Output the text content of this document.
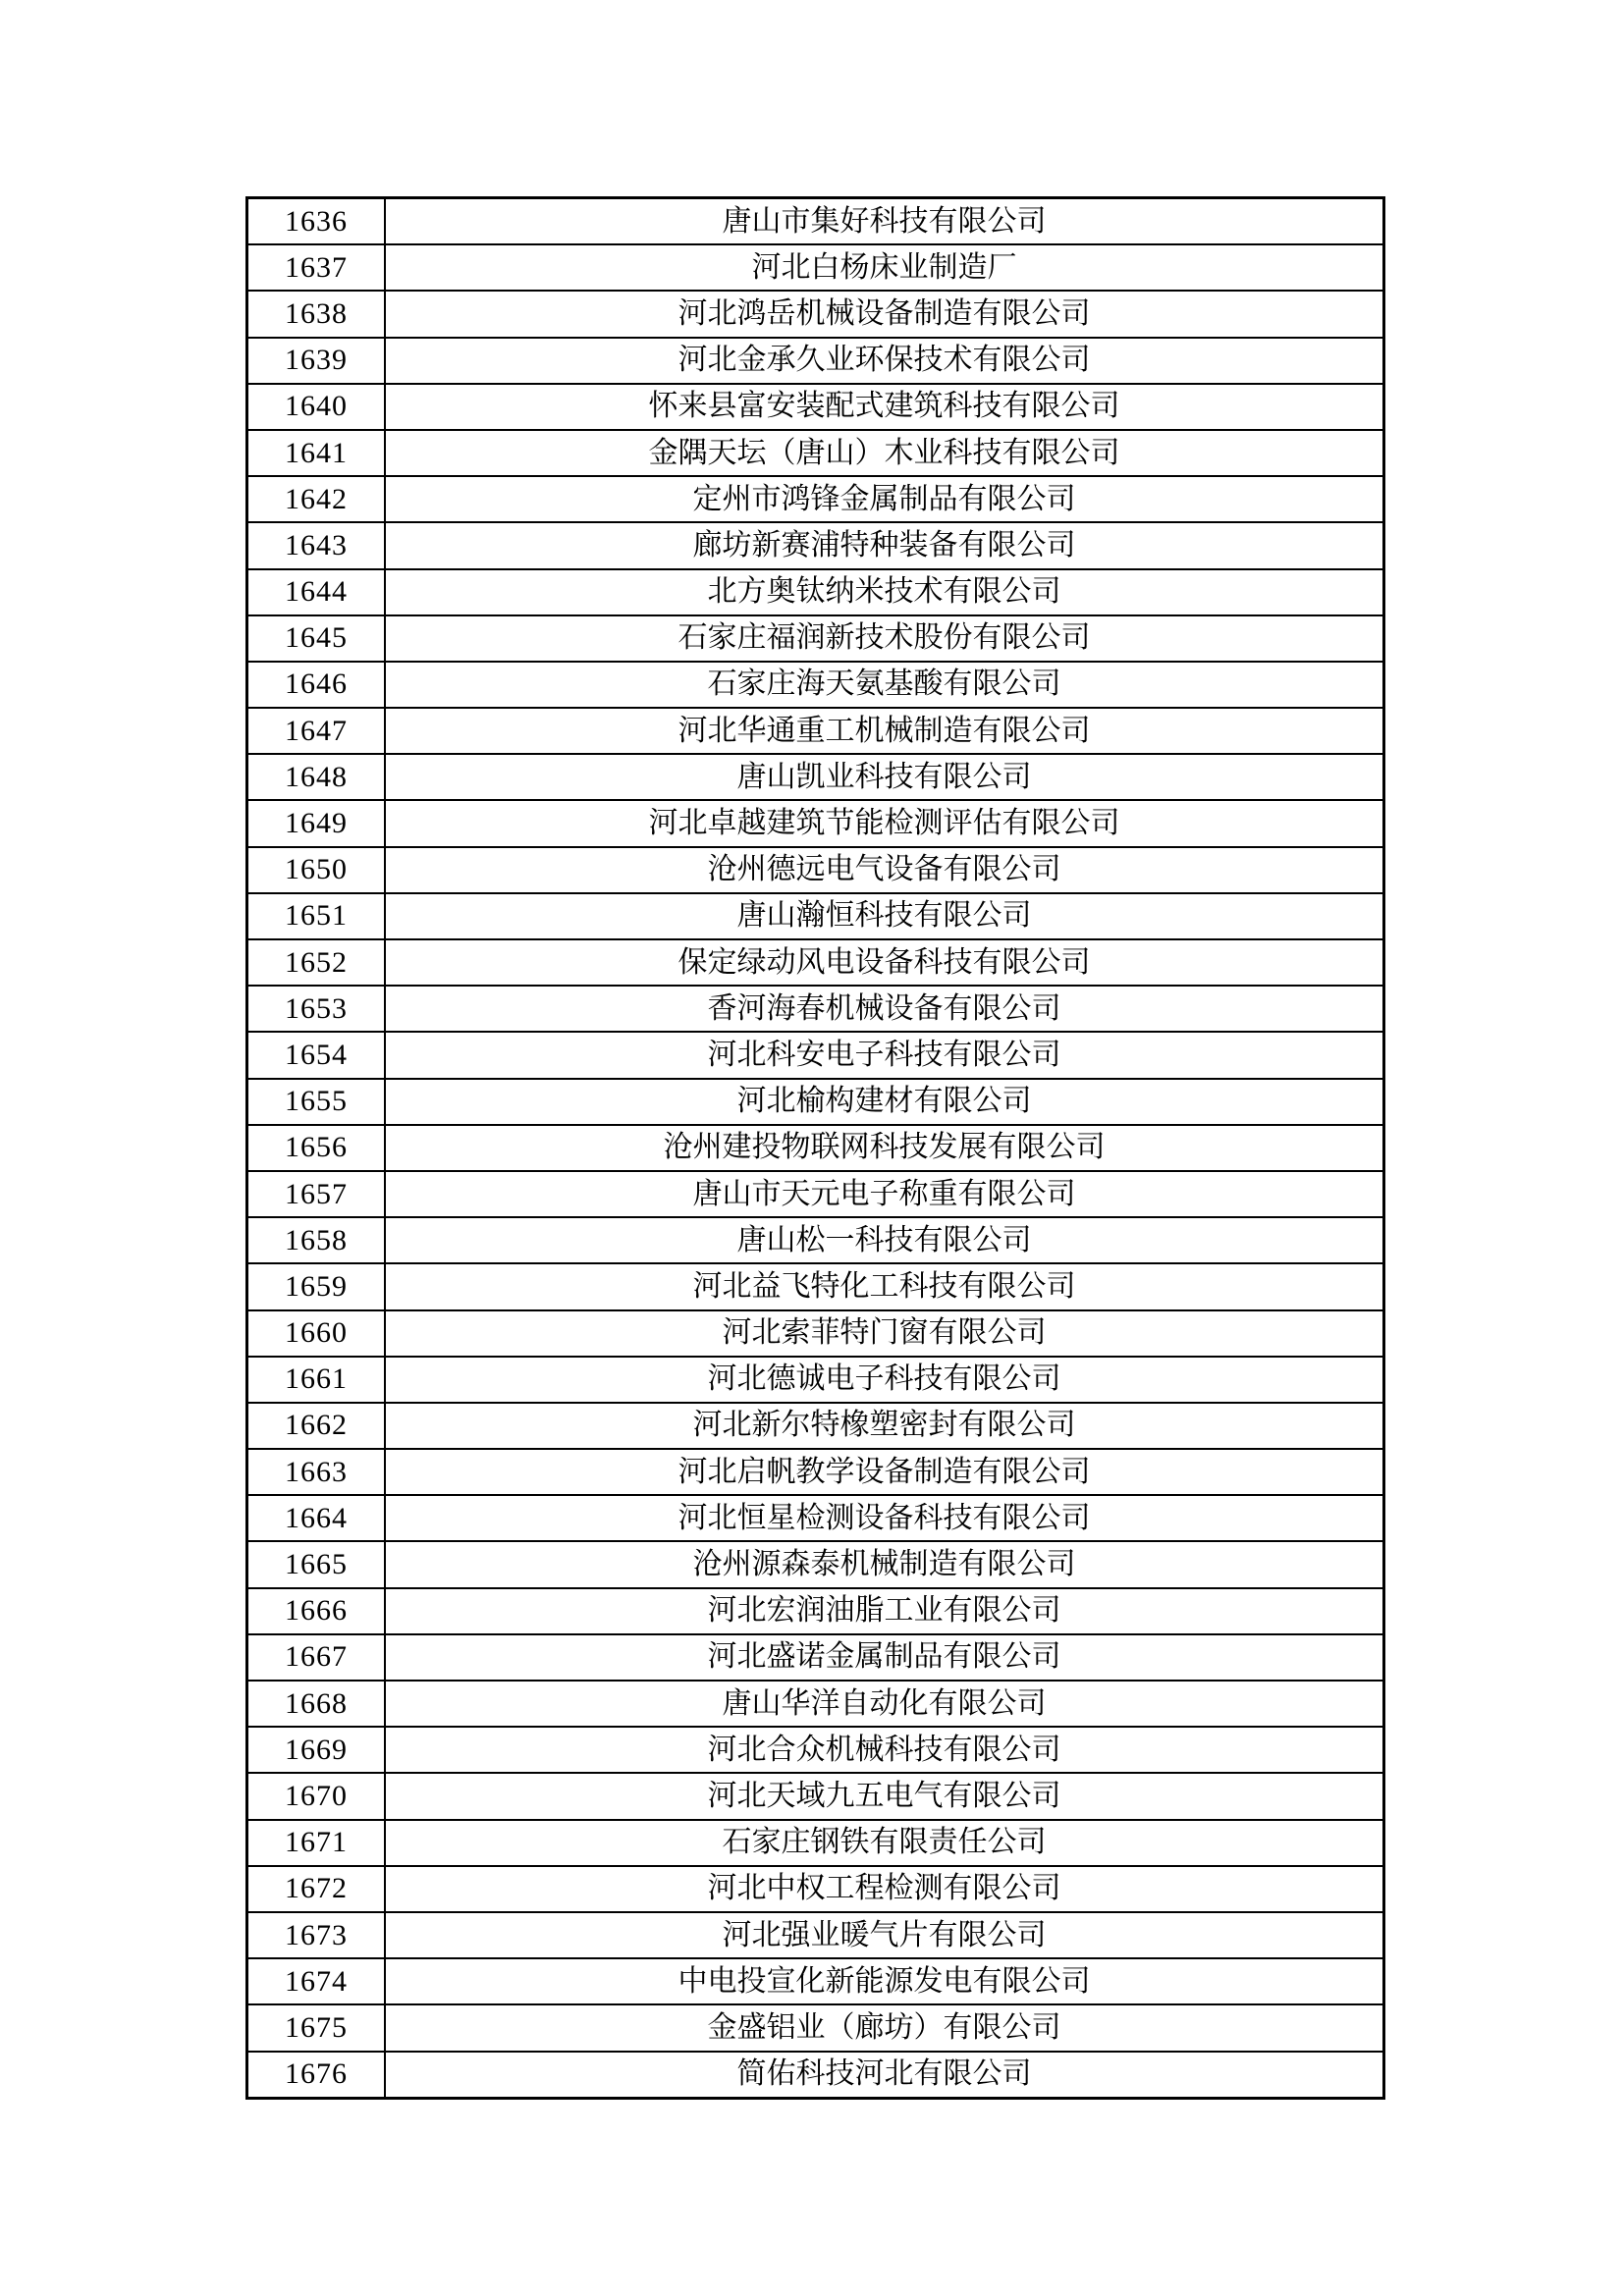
1636	唐山市集好科技有限公司
1637	河北白杨床业制造厂
1638	河北鸿岳机械设备制造有限公司
1639	河北金承久业环保技术有限公司
1640	怀来县富安装配式建筑科技有限公司
1641	金隅天坛（唐山）木业科技有限公司
1642	定州市鸿锋金属制品有限公司
1643	廊坊新赛浦特种装备有限公司
1644	北方奥钛纳米技术有限公司
1645	石家庄福润新技术股份有限公司
1646	石家庄海天氨基酸有限公司
1647	河北华通重工机械制造有限公司
1648	唐山凯业科技有限公司
1649	河北卓越建筑节能检测评估有限公司
1650	沧州德远电气设备有限公司
1651	唐山瀚恒科技有限公司
1652	保定绿动风电设备科技有限公司
1653	香河海春机械设备有限公司
1654	河北科安电子科技有限公司
1655	河北榆构建材有限公司
1656	沧州建投物联网科技发展有限公司
1657	唐山市天元电子称重有限公司
1658	唐山松一科技有限公司
1659	河北益飞特化工科技有限公司
1660	河北索菲特门窗有限公司
1661	河北德诚电子科技有限公司
1662	河北新尔特橡塑密封有限公司
1663	河北启帆教学设备制造有限公司
1664	河北恒星检测设备科技有限公司
1665	沧州源森泰机械制造有限公司
1666	河北宏润油脂工业有限公司
1667	河北盛诺金属制品有限公司
1668	唐山华洋自动化有限公司
1669	河北合众机械科技有限公司
1670	河北天域九五电气有限公司
1671	石家庄钢铁有限责任公司
1672	河北中权工程检测有限公司
1673	河北强业暖气片有限公司
1674	中电投宣化新能源发电有限公司
1675	金盛铝业（廊坊）有限公司
1676	简佑科技河北有限公司
